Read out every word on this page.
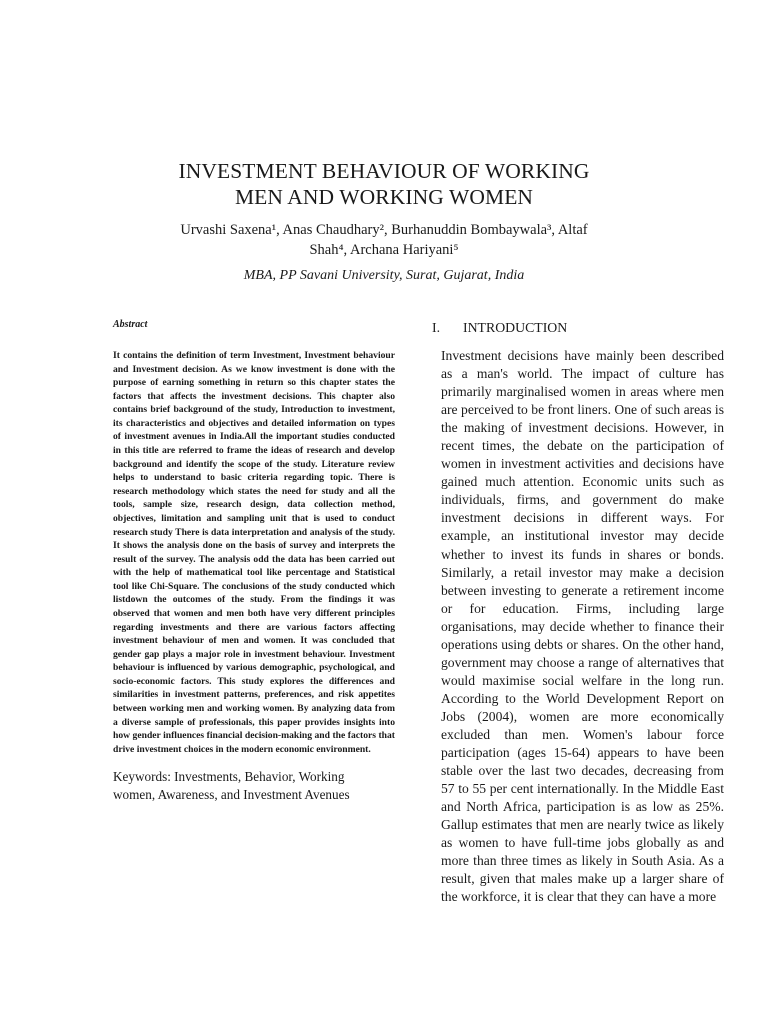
INVESTMENT BEHAVIOUR OF WORKING
MEN AND WORKING WOMEN
Urvashi Saxena¹, Anas Chaudhary², Burhanuddin Bombaywala³, Altaf
Shah⁴, Archana Hariyani⁵
MBA, PP Savani University, Surat, Gujarat, India
Abstract

It contains the definition of term Investment, Investment behaviour and Investment decision. As we know investment is done with the purpose of earning something in return so this chapter states the factors that affects the investment decisions. This chapter also contains brief background of the study, Introduction to investment, its characteristics and objectives and detailed information on types of investment avenues in India.All the important studies conducted in this title are referred to frame the ideas of research and develop background and identify the scope of the study. Literature review helps to understand to basic criteria regarding topic. There is research methodology which states the need for study and all the tools, sample size, research design, data collection method, objectives, limitation and sampling unit that is used to conduct research study There is data interpretation and analysis of the study. It shows the analysis done on the basis of survey and interprets the result of the survey. The analysis odd the data has been carried out with the help of mathematical tool like percentage and Statistical tool like Chi-Square. The conclusions of the study conducted which listdown the outcomes of the study. From the findings it was observed that women and men both have very different principles regarding investments and there are various factors affecting investment behaviour of men and women. It was concluded that gender gap plays a major role in investment behaviour. Investment behaviour is influenced by various demographic, psychological, and socio-economic factors. This study explores the differences and similarities in investment patterns, preferences, and risk appetites between working men and working women. By analyzing data from a diverse sample of professionals, this paper provides insights into how gender influences financial decision-making and the factors that drive investment choices in the modern economic environment.

Keywords: Investments, Behavior, Working
women, Awareness, and Investment Avenues
I.	INTRODUCTION

Investment decisions have mainly been described as a man's world. The impact of culture has primarily marginalised women in areas where men are perceived to be front liners. One of such areas is the making of investment decisions. However, in recent times, the debate on the participation of women in investment activities and decisions have gained much attention. Economic units such as individuals, firms, and government do make investment decisions in different ways. For example, an institutional investor may decide whether to invest its funds in shares or bonds. Similarly, a retail investor may make a decision between investing to generate a retirement income or for education. Firms, including large organisations, may decide whether to finance their operations using debts or shares. On the other hand, government may choose a range of alternatives that would maximise social welfare in the long run. According to the World Development Report on Jobs (2004), women are more economically excluded than men. Women's labour force participation (ages 15-64) appears to have been stable over the last two decades, decreasing from 57 to 55 per cent internationally. In the Middle East and North Africa, participation is as low as 25%. Gallup estimates that men are nearly twice as likely as women to have full-time jobs globally as and more than three times as likely in South Asia. As a result, given that males make up a larger share of the workforce, it is clear that they can have a more
